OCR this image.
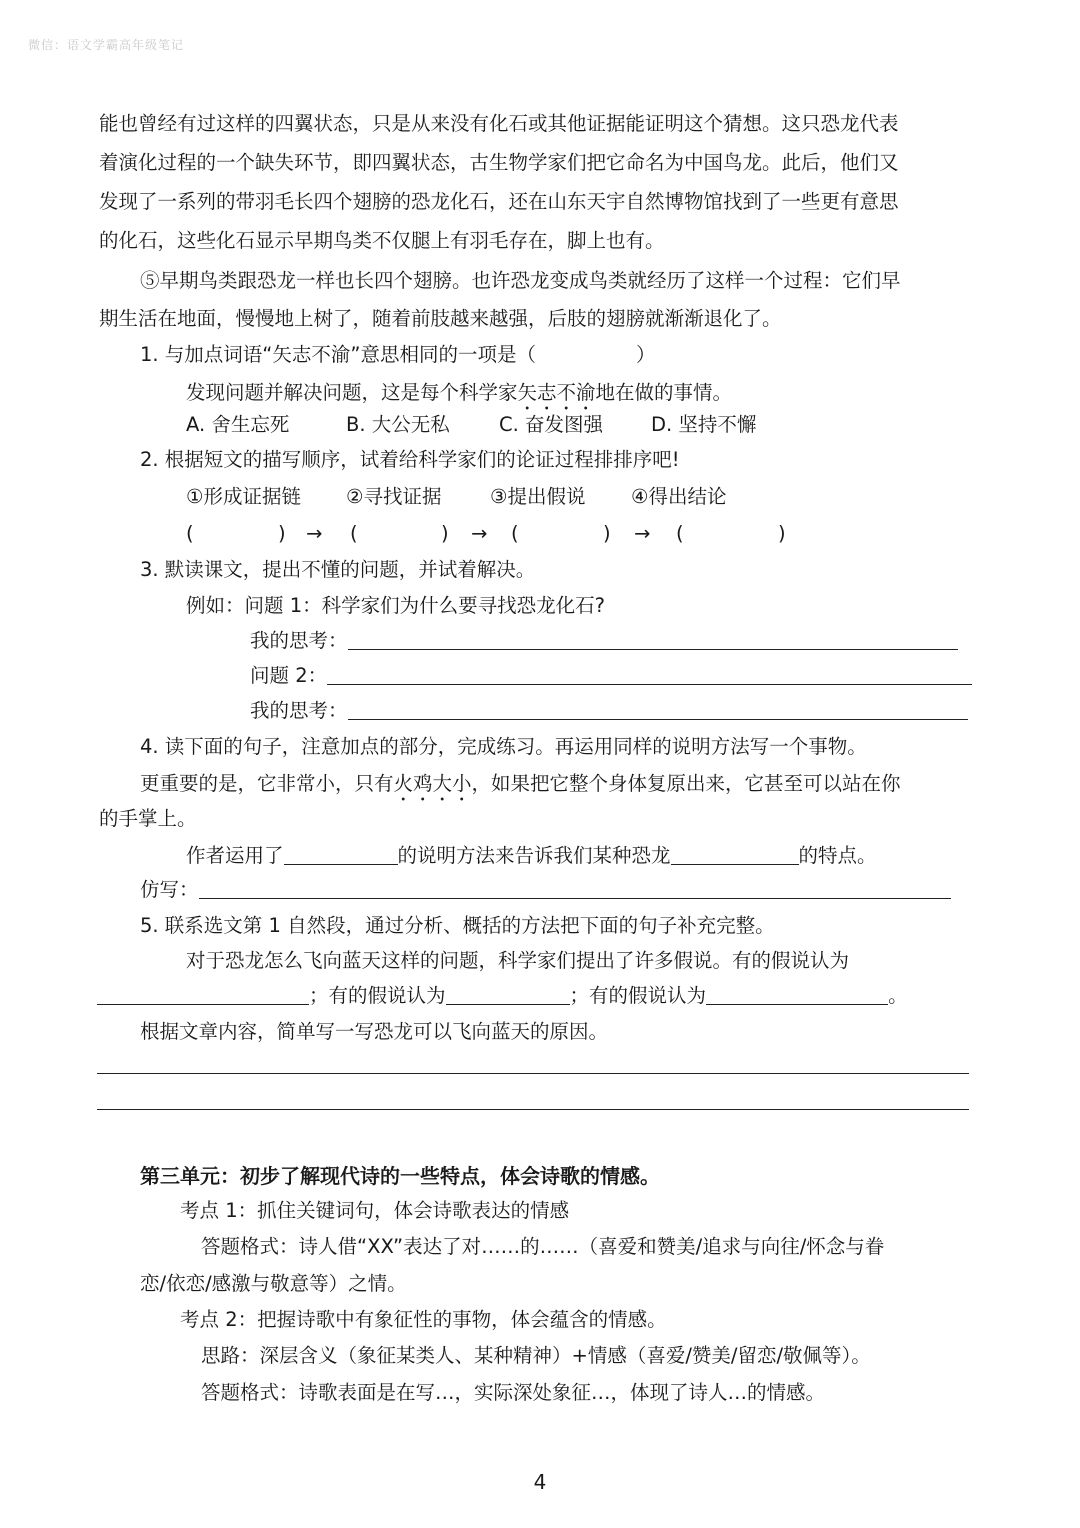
微信：语文学霸高年级笔记
能也曾经有过这样的四翼状态，只是从来没有化石或其他证据能证明这个猜想。这只恐龙代表
着演化过程的一个缺失环节，即四翼状态，古生物学家们把它命名为中国鸟龙。此后，他们又
发现了一系列的带羽毛长四个翅膀的恐龙化石，还在山东天宇自然博物馆找到了一些更有意思
的化石，这些化石显示早期鸟类不仅腿上有羽毛存在，脚上也有。
⑤早期鸟类跟恐龙一样也长四个翅膀。也许恐龙变成鸟类就经历了这样一个过程：它们早
期生活在地面，慢慢地上树了，随着前肢越来越强，后肢的翅膀就渐渐退化了。
1. 与加点词语“矢志不渝”意思相同的一项是（	）
发现问题并解决问题，这是每个科学家矢志不渝地在做的事情。
A. 舍生忘死	B. 大公无私	C. 奋发图强 D. 坚持不懈
2. 根据短文的描写顺序，试着给科学家们的论证过程排排序吧!
①形成证据链 ②寻找证据 ③提出假说 ④得出结论
(	) → (	) → (	) → (	)
3. 默读课文，提出不懂的问题，并试着解决。
例如：问题 1：科学家们为什么要寻找恐龙化石?
我的思考：
问题 2：
我的思考：
4. 读下面的句子，注意加点的部分，完成练习。再运用同样的说明方法写一个事物。
更重要的是，它非常小，只有火鸡大小，如果把它整个身体复原出来，它甚至可以站在你
的手掌上。
作者运用了	的说明方法来告诉我们某种恐龙	的特点。
仿写：
5. 联系选文第 1 自然段，通过分析、概括的方法把下面的句子补充完整。
对于恐龙怎么飞向蓝天这样的问题，科学家们提出了许多假说。有的假说认为
；有的假说认为	；有的假说认为	。
根据文章内容，简单写一写恐龙可以飞向蓝天的原因。
第三单元：初步了解现代诗的一些特点，体会诗歌的情感。
考点 1：抓住关键词句，体会诗歌表达的情感
答题格式：诗人借“XX”表达了对……的……（喜爱和赞美/追求与向往/怀念与眷
恋/依恋/感激与敬意等）之情。
考点 2：把握诗歌中有象征性的事物，体会蕴含的情感。
思路：深层含义（象征某类人、某种精神）+情感（喜爱/赞美/留恋/敬佩等）。
答题格式：诗歌表面是在写…，实际深处象征…，体现了诗人…的情感。
4
